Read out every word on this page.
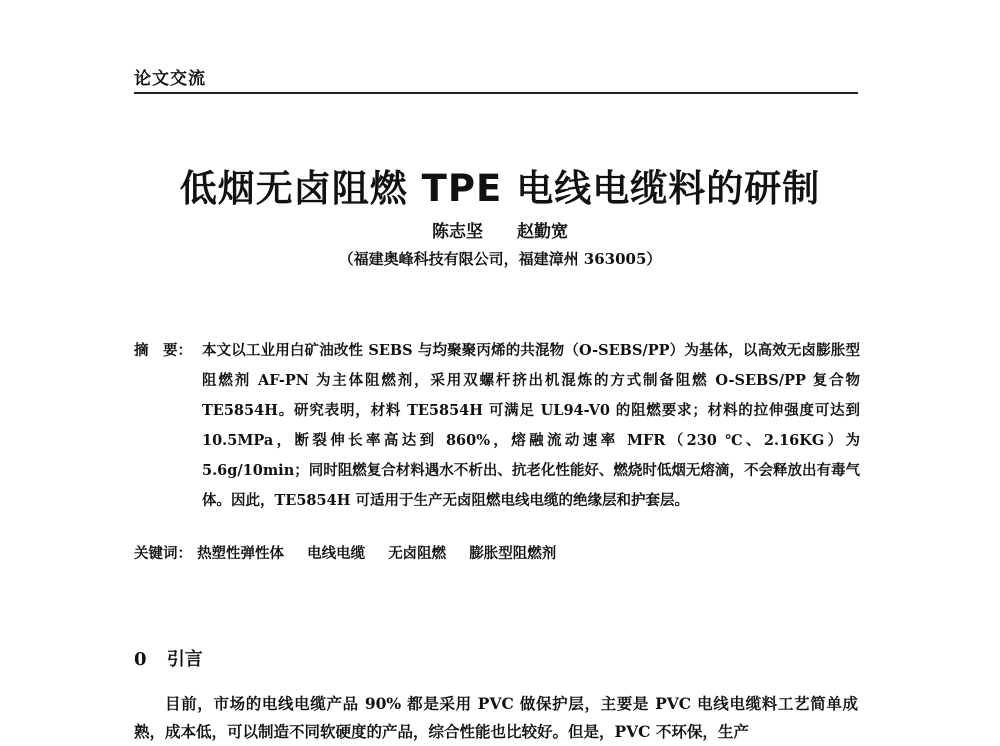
论文交流
低烟无卤阻燃 TPE 电线电缆料的研制
陈志坚 赵勤宽
（福建奥峰科技有限公司，福建漳州 363005）
摘　要： 本文以工业用白矿油改性 SEBS 与均聚聚丙烯的共混物（O-SEBS/PP）为基体，以高效无卤膨胀型阻燃剂 AF-PN 为主体阻燃剂，采用双螺杆挤出机混炼的方式制备阻燃 O-SEBS/PP 复合物 TE5854H。研究表明，材料 TE5854H 可满足 UL94-V0 的阻燃要求；材料的拉伸强度可达到 10.5MPa，断裂伸长率高达到 860%，熔融流动速率 MFR（230 ℃、2.16KG）为 5.6g/10min；同时阻燃复合材料遇水不析出、抗老化性能好、燃烧时低烟无熔滴，不会释放出有毒气体。因此，TE5854H 可适用于生产无卤阻燃电线电缆的绝缘层和护套层。
关键词： 热塑性弹性体 电线电缆 无卤阻燃 膨胀型阻燃剂
0 引言
目前，市场的电线电缆产品 90% 都是采用 PVC 做保护层，主要是 PVC 电线电缆料工艺简单成熟，成本低，可以制造不同软硬度的产品，综合性能也比较好。但是，PVC 不环保，生产
